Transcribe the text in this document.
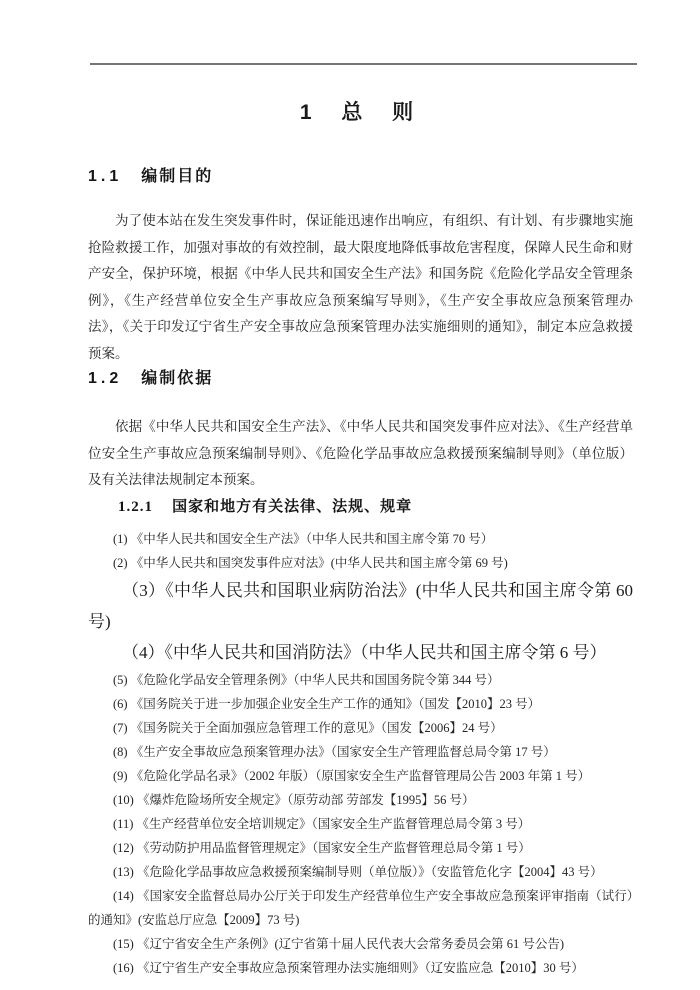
1 总 则
1.1 编制目的

为了使本站在发生突发事件时，保证能迅速作出响应，有组织、有计划、有步骤地实施抢险救援工作，加强对事故的有效控制，最大限度地降低事故危害程度，保障人民生命和财产安全，保护环境，根据《中华人民共和国安全生产法》和国务院《危险化学品安全管理条例》，《生产经营单位安全生产事故应急预案编写导则》，《生产安全事故应急预案管理办法》，《关于印发辽宁省生产安全事故应急预案管理办法实施细则的通知》，制定本应急救援预案。

1.2 编制依据

依据《中华人民共和国安全生产法》、《中华人民共和国突发事件应对法》、《生产经营单位安全生产事故应急预案编制导则》、《危险化学品事故应急救援预案编制导则》（单位版）及有关法律法规制定本预案。

1.2.1 国家和地方有关法律、法规、规章

(1) 《中华人民共和国安全生产法》（中华人民共和国主席令第 70 号）

(2) 《中华人民共和国突发事件应对法》(中华人民共和国主席令第 69 号)

（3）《中华人民共和国职业病防治法》(中华人民共和国主席令第 60 号)

（4）《中华人民共和国消防法》（中华人民共和国主席令第 6 号）

(5) 《危险化学品安全管理条例》（中华人民共和国国务院令第 344 号）

(6) 《国务院关于进一步加强企业安全生产工作的通知》（国发【2010】23 号）

(7) 《国务院关于全面加强应急管理工作的意见》（国发【2006】24 号）

(8) 《生产安全事故应急预案管理办法》（国家安全生产管理监督总局令第 17 号）

(9) 《危险化学品名录》（2002 年版）（原国家安全生产监督管理局公告 2003 年第 1 号）

(10) 《爆炸危险场所安全规定》（原劳动部 劳部发【1995】56 号）

(11) 《生产经营单位安全培训规定》（国家安全生产监督管理总局令第 3 号）

(12) 《劳动防护用品监督管理规定》（国家安全生产监督管理总局令第 1 号）

(13) 《危险化学品事故应急救援预案编制导则（单位版）》（安监管危化字【2004】43 号）

(14) 《国家安全监督总局办公厅关于印发生产经营单位生产安全事故应急预案评审指南（试行）的通知》(安监总厅应急【2009】73 号)

(15) 《辽宁省安全生产条例》(辽宁省第十届人民代表大会常务委员会第 61 号公告)

(16) 《辽宁省生产安全事故应急预案管理办法实施细则》（辽安监应急【2010】30 号）
